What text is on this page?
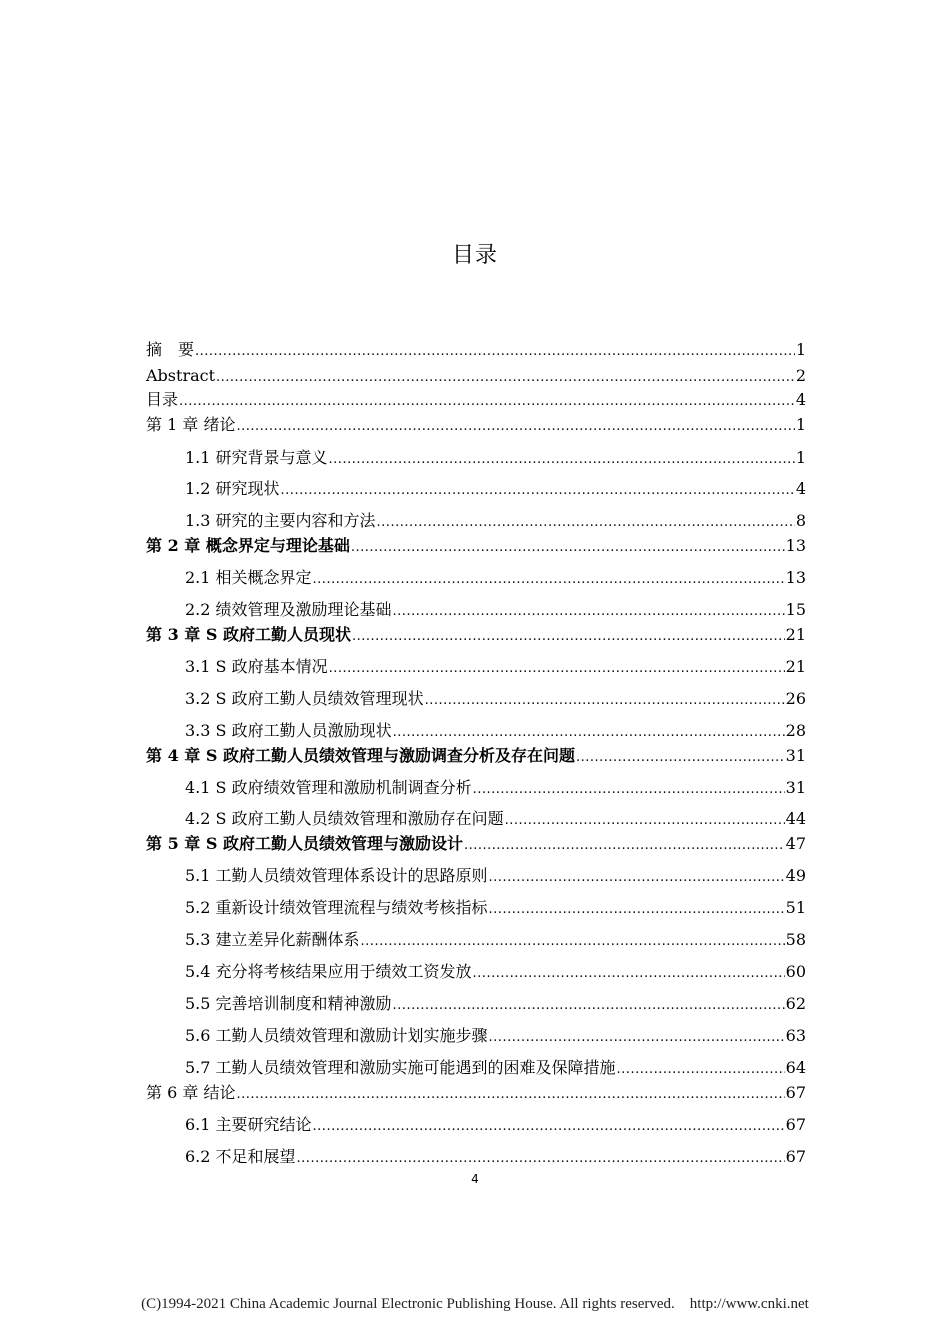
目录
摘　要 .....	1
Abstract .....	2
目录 .....	4
第 1 章 绪论 .....	1
1.1 研究背景与意义 .....	1
1.2 研究现状 .....	4
1.3 研究的主要内容和方法 .....	8
第 2 章 概念界定与理论基础 .....	13
2.1 相关概念界定 .....	13
2.2 绩效管理及激励理论基础 .....	15
第 3 章 S 政府工勤人员现状 .....	21
3.1 S 政府基本情况 .....	21
3.2 S 政府工勤人员绩效管理现状 .....	26
3.3 S 政府工勤人员激励现状 .....	28
第 4 章 S 政府工勤人员绩效管理与激励调查分析及存在问题 .....	31
4.1 S 政府绩效管理和激励机制调查分析 .....	31
4.2 S 政府工勤人员绩效管理和激励存在问题 .....	44
第 5 章 S 政府工勤人员绩效管理与激励设计 .....	47
5.1 工勤人员绩效管理体系设计的思路原则 .....	49
5.2 重新设计绩效管理流程与绩效考核指标 .....	51
5.3 建立差异化薪酬体系 .....	58
5.4 充分将考核结果应用于绩效工资发放 .....	60
5.5 完善培训制度和精神激励 .....	62
5.6 工勤人员绩效管理和激励计划实施步骤 .....	63
5.7 工勤人员绩效管理和激励实施可能遇到的困难及保障措施 .....	64
第 6 章 结论 .....	67
6.1 主要研究结论 .....	67
6.2 不足和展望 .....	67
4
(C)1994-2021 China Academic Journal Electronic Publishing House. All rights reserved.    http://www.cnki.net
